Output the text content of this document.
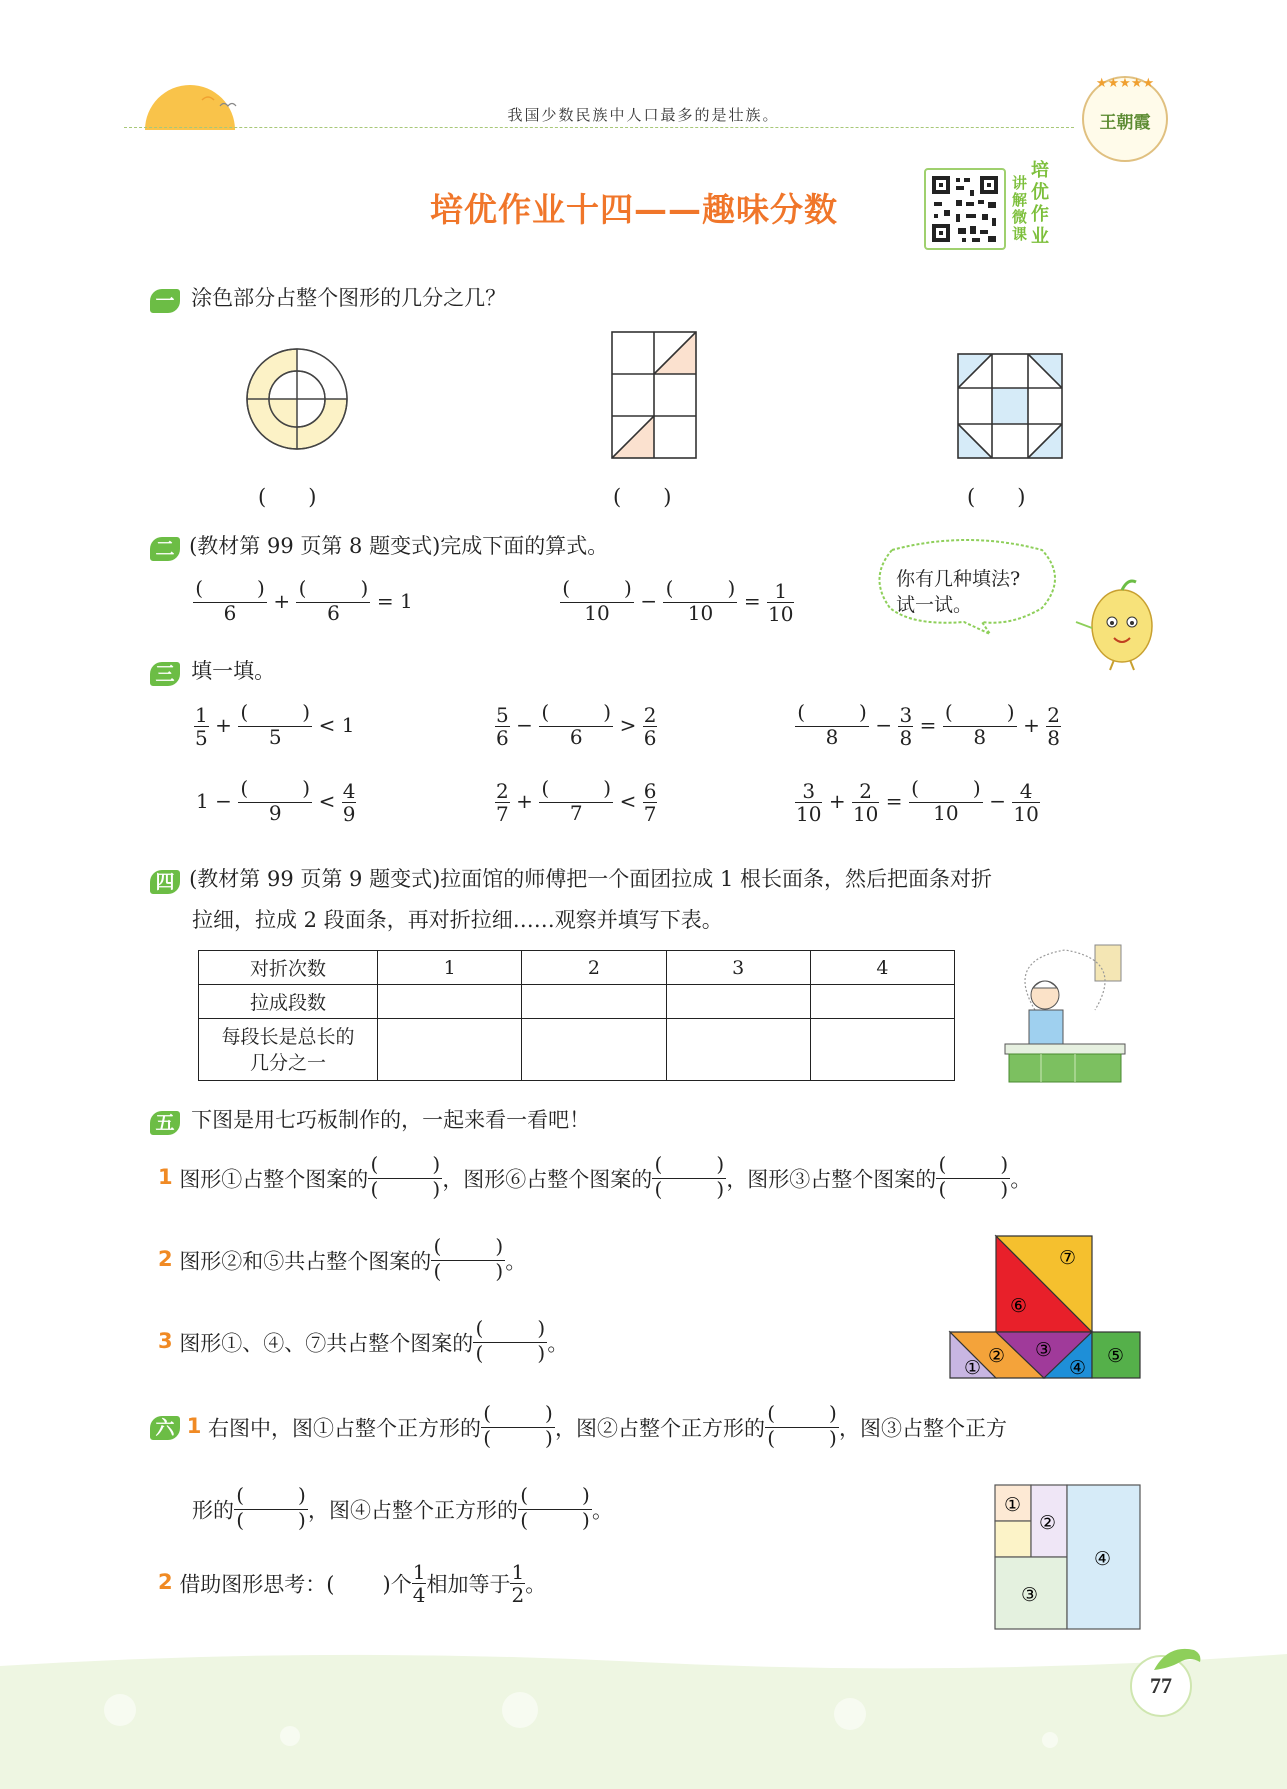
我国少数民族中人口最多的是壮族。
★★★★★
王朝霞
培优作业十四——趣味分数
讲
解
微
课
培
优
作
业
一 涂色部分占整个图形的几分之几？
(　　)	(　　)	(　　)
二 (教材第 99 页第 8 题变式)完成下面的算式。
(	)
6	+
(	)
6	= 1
(	)
10	−
(	)
10	= $\frac{1}{10}$
你有几种填法?
试一试。
三 填一填。
$\frac{1}{5}$ +
(	)
5	< 1	$\frac{5}{6}$ −
(	)
6	> $\frac{2}{6}$	(	)
8	− $\frac{3}{8}$ =
(	)
8	+ $\frac{2}{8}$
1 −
(	)
9	< $\frac{4}{9}$	$\frac{2}{7}$ +
(	)
7	< $\frac{6}{7}$	$\frac{3}{10} + \frac{2}{10}$ =
(	)
10	− $\frac{4}{10}$
四 (教材第 99 页第 9 题变式)拉面馆的师傅把一个面团拉成 1 根长面条，然后把面条对折
拉细，拉成 2 段面条，再对折拉细……观察并填写下表。
对折次数	1	2	3	4
拉成段数				
每段长是总长的
几分之一				
五 下图是用七巧板制作的，一起来看一看吧！
1 图形①占整个图案的
(	)
(	) ，图形⑥占整个图案的
(	)
(	) ，图形③占整个图案的
(	)
(	) 。
2 图形②和⑤共占整个图案的
(	)
(	) 。
3 图形①、④、⑦共占整个图案的
(	)
(	) 。
①
② ③
④
⑤
⑥
⑦
六 1 右图中，图①占整个正方形的
(	)
(	) ，图②占整个正方形的
(	)
(	) ，图③占整个正方
形的
(	)
(	) ，图④占整个正方形的
(	)
(	) 。
2 借助图形思考：( )个 $\frac{1}{4}$ 相加等于 $\frac{1}{2}$ 。
①
②
③
④
77
